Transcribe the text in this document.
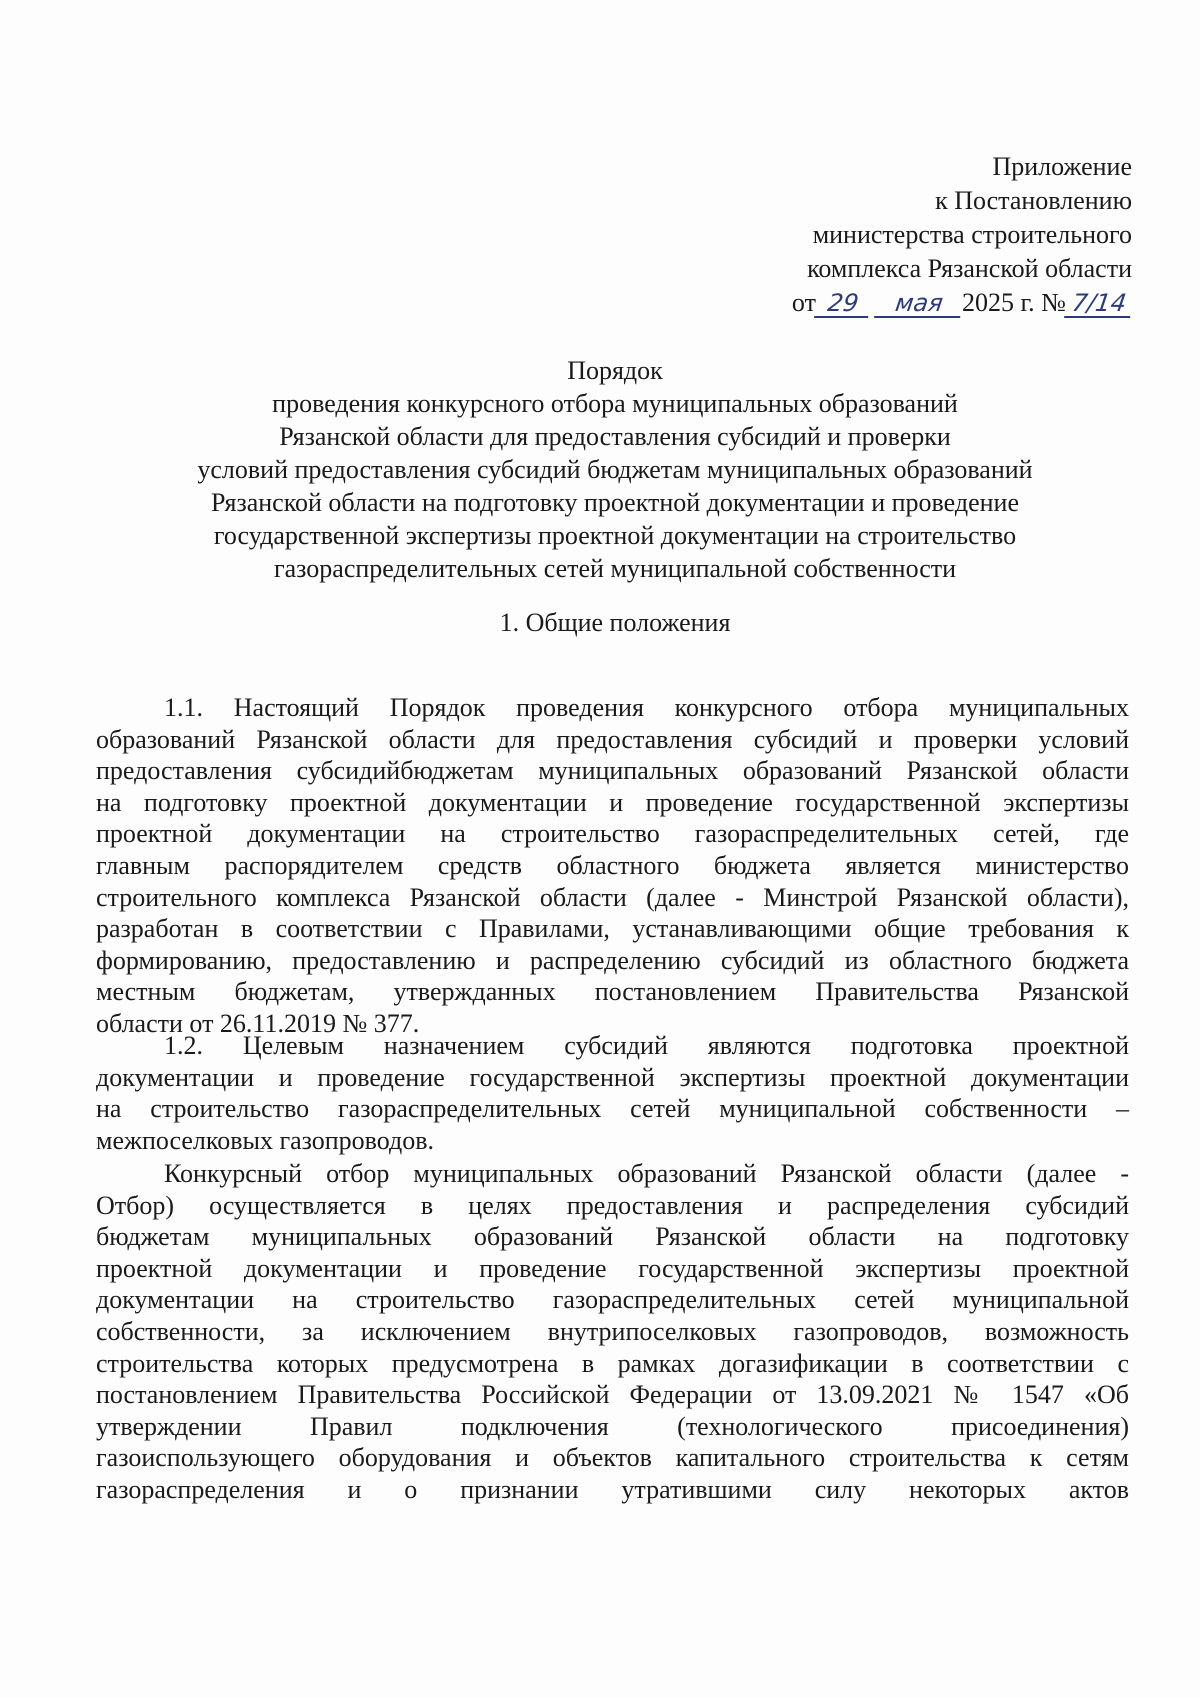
Приложение
к Постановлению
министерства строительного
комплекса Рязанской области
от 29 мая 2025 г. № 7/14
Порядок
проведения конкурсного отбора муниципальных образований
Рязанской области для предоставления субсидий и проверки
условий предоставления субсидий бюджетам муниципальных образований
Рязанской области на подготовку проектной документации и проведение
государственной экспертизы проектной документации на строительство
газораспределительных сетей муниципальной собственности
1. Общие положения
1.1. Настоящий Порядок проведения конкурсного отбора муниципальных
образований Рязанской области для предоставления субсидий и проверки условий
предоставления субсидийбюджетам муниципальных образований Рязанской области
на подготовку проектной документации и проведение государственной экспертизы
проектной документации на строительство газораспределительных сетей, где
главным распорядителем средств областного бюджета является министерство
строительного комплекса Рязанской области (далее - Минстрой Рязанской области),
разработан в соответствии с Правилами, устанавливающими общие требования к
формированию, предоставлению и распределению субсидий из областного бюджета
местным бюджетам, утвержданных постановлением Правительства Рязанской
области от 26.11.2019 № 377.
1.2. Целевым назначением субсидий являются подготовка проектной
документации и проведение государственной экспертизы проектной документации
на строительство газораспределительных сетей муниципальной собственности –
межпоселковых газопроводов.
Конкурсный отбор муниципальных образований Рязанской области (далее -
Отбор) осуществляется в целях предоставления и распределения субсидий
бюджетам муниципальных образований Рязанской области на подготовку
проектной документации и проведение государственной экспертизы проектной
документации на строительство газораспределительных сетей муниципальной
собственности, за исключением внутрипоселковых газопроводов, возможность
строительства которых предусмотрена в рамках догазификации в соответствии с
постановлением Правительства Российской Федерации от 13.09.2021 № 1547 «Об
утверждении Правил подключения (технологического присоединения)
газоиспользующего оборудования и объектов капитального строительства к сетям
газораспределения и о признании утратившими силу некоторых актов
